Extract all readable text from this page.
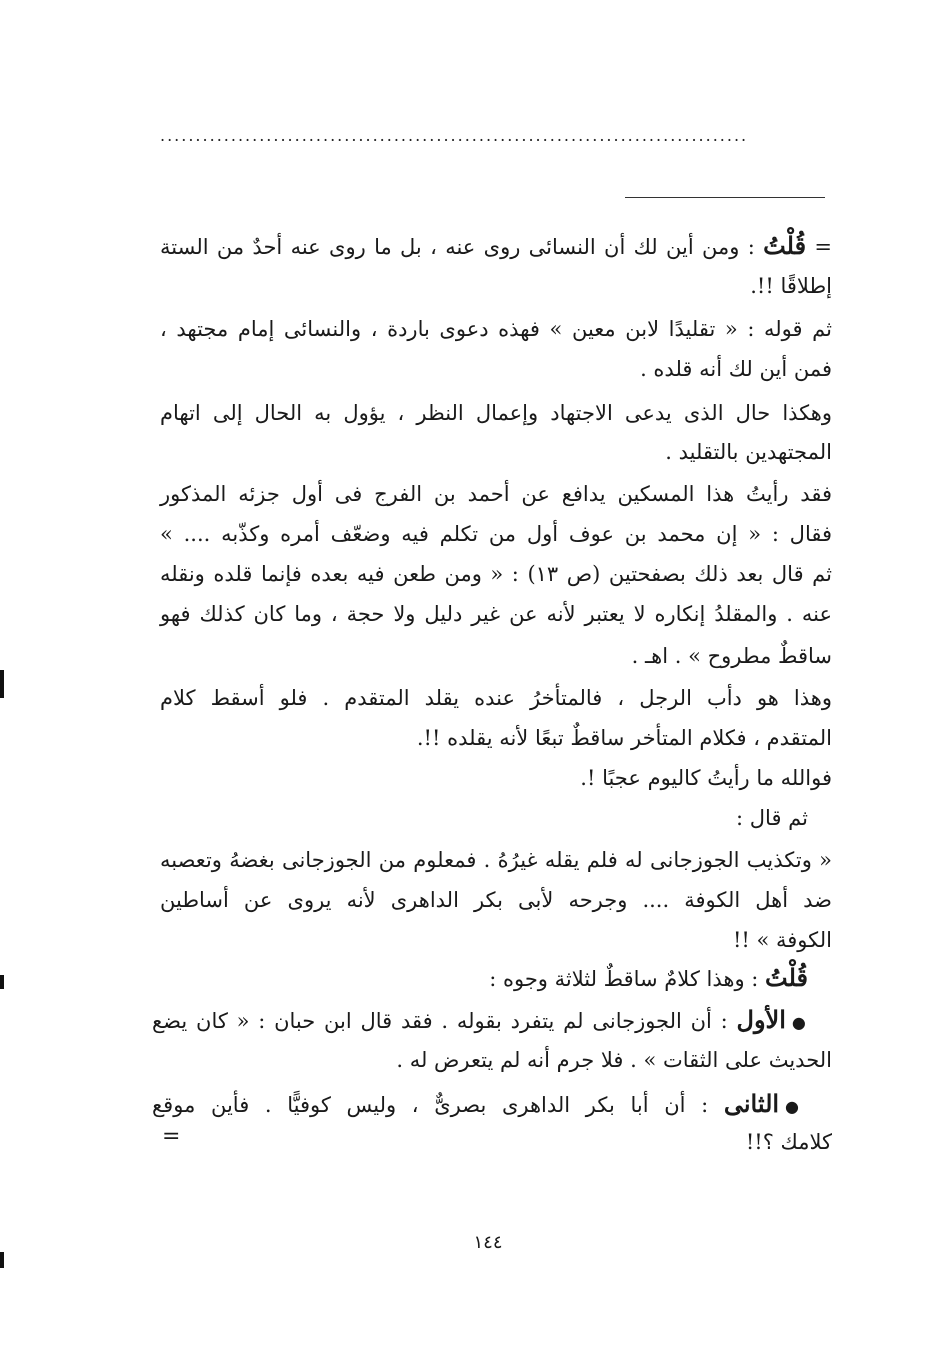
...................................................................................
= قُلْتُ : ومن أين لك أن النسائى روى عنه ، بل ما روى عنه أحدٌ من الستة
إطلاقًا !!.
ثم قوله : « تقليدًا لابن معين » فهذه دعوى باردة ، والنسائى إمام مجتهد ،
فمن أين لك أنه قلده .
وهكذا حال الذى يدعى الاجتهاد وإعمال النظر ، يؤول به الحال إلى اتهام
المجتهدين بالتقليد .
فقد رأيتُ هذا المسكين يدافع عن أحمد بن الفرج فى أول جزئه المذكور
فقال : « إن محمد بن عوف أول من تكلم فيه وضعّف أمره وكذّبه .... »
ثم قال بعد ذلك بصفحتين (ص ١٣) : « ومن طعن فيه بعده فإنما قلده ونقله
عنه . والمقلدُ إنكاره لا يعتبر لأنه عن غير دليل ولا حجة ، وما كان كذلك فهو
ساقطٌ مطروح » . اهـ .
وهذا هو دأب الرجل ، فالمتأخرُ عنده يقلد المتقدم . فلو أسقط كلام
المتقدم ، فكلام المتأخر ساقطٌ تبعًا لأنه يقلده !!.
فوالله ما رأيتُ كاليوم عجبًا !.
ثم قال :
« وتكذيب الجوزجانى له فلم يقله غيرُهُ . فمعلوم من الجوزجانى بغضهُ وتعصبه
ضد أهل الكوفة .... وجرحه لأبى بكر الداهرى لأنه يروى عن أساطين
الكوفة » !!
قُلْتُ : وهذا كلامٌ ساقطٌ لثلاثة وجوه :
●الأول : أن الجوزجانى لم يتفرد بقوله . فقد قال ابن حبان : « كان يضع
الحديث على الثقات » . فلا جرم أنه لم يتعرض له .
●الثانى : أن أبا بكر الداهرى بصرىٌّ ، وليس كوفيًّا . فأين موقع
كلامك ؟!!
=
١٤٤
